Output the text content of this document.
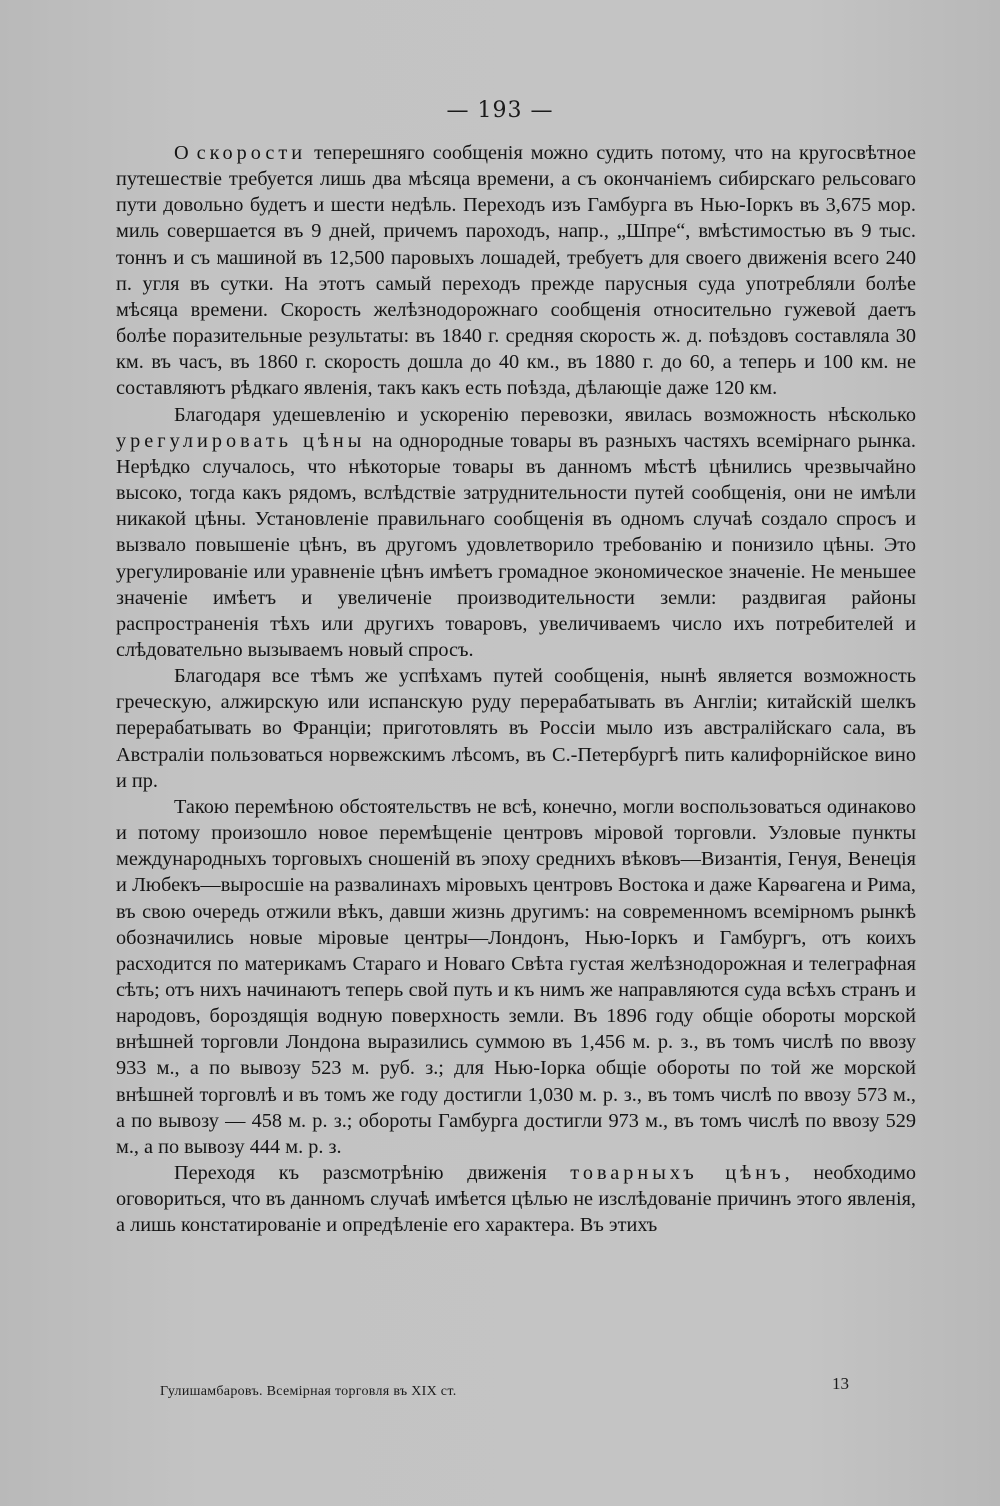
— 193 —

О скорости теперешняго сообщенія можно судить потому, что на кругосвѣтное путешествіе требуется лишь два мѣсяца времени, а съ окончаніемъ сибирскаго рельсоваго пути довольно будетъ и шести недѣль. Переходъ изъ Гамбурга въ Нью-Іоркъ въ 3,675 мор. миль совершается въ 9 дней, причемъ пароходъ, напр., „Шпре“, вмѣстимостью въ 9 тыс. тоннъ и съ машиной въ 12,500 паровыхъ лошадей, требуетъ для своего движенія всего 240 п. угля въ сутки. На этотъ самый переходъ прежде парусныя суда употребляли болѣе мѣсяца времени. Скорость желѣзнодорожнаго сообщенія относительно гужевой даетъ болѣе поразительные результаты: въ 1840 г. средняя скорость ж. д. поѣздовъ составляла 30 км. въ часъ, въ 1860 г. скорость дошла до 40 км., въ 1880 г. до 60, а теперь и 100 км. не составляютъ рѣдкаго явленія, такъ какъ есть поѣзда, дѣлающіе даже 120 км.

Благодаря удешевленію и ускоренію перевозки, явилась возможность нѣсколько урегулировать цѣны на однородные товары въ разныхъ частяхъ всемірнаго рынка. Нерѣдко случалось, что нѣкоторые товары въ данномъ мѣстѣ цѣнились чрезвычайно высоко, тогда какъ рядомъ, вслѣдствіе затруднительности путей сообщенія, они не имѣли никакой цѣны. Установленіе правильнаго сообщенія въ одномъ случаѣ создало спросъ и вызвало повышеніе цѣнъ, въ другомъ удовлетворило требованію и понизило цѣны. Это урегулированіе или уравненіе цѣнъ имѣетъ громадное экономическое значеніе. Не меньшее значеніе имѣетъ и увеличеніе производительности земли: раздвигая районы распространенія тѣхъ или другихъ товаровъ, увеличиваемъ число ихъ потребителей и слѣдовательно вызываемъ новый спросъ.

Благодаря все тѣмъ же успѣхамъ путей сообщенія, нынѣ является возможность греческую, алжирскую или испанскую руду перерабатывать въ Англіи; китайскій шелкъ перерабатывать во Франціи; приготовлять въ Россіи мыло изъ австралійскаго сала, въ Австраліи пользоваться норвежскимъ лѣсомъ, въ С.-Петербургѣ пить калифорнійское вино и пр.

Такою перемѣною обстоятельствъ не всѣ, конечно, могли воспользоваться одинаково и потому произошло новое перемѣщеніе центровъ міровой торговли. Узловые пункты международныхъ торговыхъ сношеній въ эпоху среднихъ вѣковъ—Византія, Генуя, Венеція и Любекъ—выросшіе на развалинахъ міровыхъ центровъ Востока и даже Карѳагена и Рима, въ свою очередь отжили вѣкъ, давши жизнь другимъ: на современномъ всемірномъ рынкѣ обозначились новые міровые центры—Лондонъ, Нью-Іоркъ и Гамбургъ, отъ коихъ расходится по материкамъ Стараго и Новаго Свѣта густая желѣзнодорожная и телеграфная сѣть; отъ нихъ начинаютъ теперь свой путь и къ нимъ же направляются суда всѣхъ странъ и народовъ, бороздящія водную поверхность земли. Въ 1896 году общіе обороты морской внѣшней торговли Лондона выразились суммою въ 1,456 м. р. з., въ томъ числѣ по ввозу 933 м., а по вывозу 523 м. руб. з.; для Нью-Іорка общіе обороты по той же морской внѣшней торговлѣ и въ томъ же году достигли 1,030 м. р. з., въ томъ числѣ по ввозу 573 м., а по вывозу — 458 м. р. з.; обороты Гамбурга достигли 973 м., въ томъ числѣ по ввозу 529 м., а по вывозу 444 м. р. з.

Переходя къ разсмотрѣнію движенія товарныхъ цѣнъ, необходимо оговориться, что въ данномъ случаѣ имѣется цѣлью не изслѣдованіе причинъ этого явленія, а лишь констатированіе и опредѣленіе его характера. Въ этихъ

Гулишамбаровъ. Всемірная торговля въ XIX ст.	13
